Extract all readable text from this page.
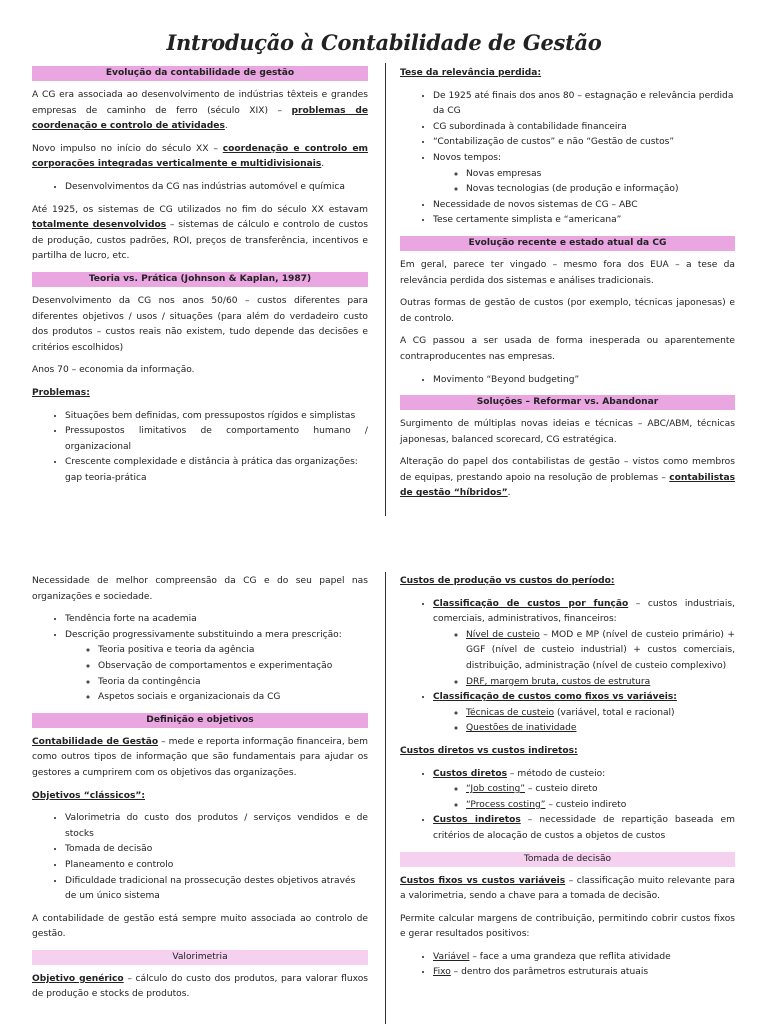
Introdução à Contabilidade de Gestão
Evolução da contabilidade de gestão

A CG era associada ao desenvolvimento de indústrias têxteis e grandes empresas de caminho de ferro (século XIX) – problemas de coordenação e controlo de atividades.

Novo impulso no início do século XX – coordenação e controlo em corporações integradas verticalmente e multidivisionais.

• Desenvolvimentos da CG nas indústrias automóvel e química

Até 1925, os sistemas de CG utilizados no fim do século XX estavam totalmente desenvolvidos – sistemas de cálculo e controlo de custos de produção, custos padrões, ROI, preços de transferência, incentivos e partilha de lucro, etc.

Teoria vs. Prática (Johnson & Kaplan, 1987)

Desenvolvimento da CG nos anos 50/60 – custos diferentes para diferentes objetivos / usos / situações (para além do verdadeiro custo dos produtos – custos reais não existem, tudo depende das decisões e critérios escolhidos)

Anos 70 – economia da informação.

Problemas:
• Situações bem definidas, com pressupostos rígidos e simplistas
• Pressupostos limitativos de comportamento humano / organizacional
• Crescente complexidade e distância à prática das organizações: gap teoria-prática
Tese da relevância perdida:
• De 1925 até finais dos anos 80 – estagnação e relevância perdida da CG
• CG subordinada à contabilidade financeira
• “Contabilização de custos” e não “Gestão de custos”
• Novos tempos:
◦ Novas empresas
◦ Novas tecnologias (de produção e informação)
• Necessidade de novos sistemas de CG – ABC
• Tese certamente simplista e “americana”
Evolução recente e estado atual da CG

Em geral, parece ter vingado – mesmo fora dos EUA – a tese da relevância perdida dos sistemas e análises tradicionais.

Outras formas de gestão de custos (por exemplo, técnicas japonesas) e de controlo.

A CG passou a ser usada de forma inesperada ou aparentemente contraproducentes nas empresas.

• Movimento “Beyond budgeting”
Soluções – Reformar vs. Abandonar

Surgimento de múltiplas novas ideias e técnicas – ABC/ABM, técnicas japonesas, balanced scorecard, CG estratégica.

Alteração do papel dos contabilistas de gestão – vistos como membros de equipas, prestando apoio na resolução de problemas – contabilistas de gestão “híbridos”.

Necessidade de melhor compreensão da CG e do seu papel nas organizações e sociedade.

• Tendência forte na academia
• Descrição progressivamente substituindo a mera prescrição:
◦ Teoria positiva e teoria da agência
◦ Observação de comportamentos e experimentação
◦ Teoria da contingência
◦ Aspetos sociais e organizacionais da CG
Definição e objetivos

Contabilidade de Gestão – mede e reporta informação financeira, bem como outros tipos de informação que são fundamentais para ajudar os gestores a cumprirem com os objetivos das organizações.

Objetivos “clássicos”:
• Valorimetria do custo dos produtos / serviços vendidos e de stocks
• Tomada de decisão
• Planeamento e controlo
• Dificuldade tradicional na prossecução destes objetivos através de um único sistema

A contabilidade de gestão está sempre muito associada ao controlo de gestão.

Valorimetria

Objetivo genérico – cálculo do custo dos produtos, para valorar fluxos de produção e stocks de produtos.

Custos de produção vs custos do período:
• Classificação de custos por função – custos industriais, comerciais, administrativos, financeiros:
◦ Nível de custeio – MOD e MP (nível de custeio primário) + GGF (nível de custeio industrial) + custos comerciais, distribuição, administração (nível de custeio complexivo)
◦ DRF, margem bruta, custos de estrutura
• Classificação de custos como fixos vs variáveis:
◦ Técnicas de custeio (variável, total e racional)
◦ Questões de inatividade
Custos diretos vs custos indiretos:
• Custos diretos – método de custeio:
◦ “Job costing” – custeio direto
◦ “Process costing” – custeio indireto
• Custos indiretos – necessidade de repartição baseada em critérios de alocação de custos a objetos de custos
Tomada de decisão

Custos fixos vs custos variáveis – classificação muito relevante para a valorimetria, sendo a chave para a tomada de decisão.

Permite calcular margens de contribuição, permitindo cobrir custos fixos e gerar resultados positivos:

• Variável – face a uma grandeza que reflita atividade
• Fixo – dentro dos parâmetros estruturais atuais
